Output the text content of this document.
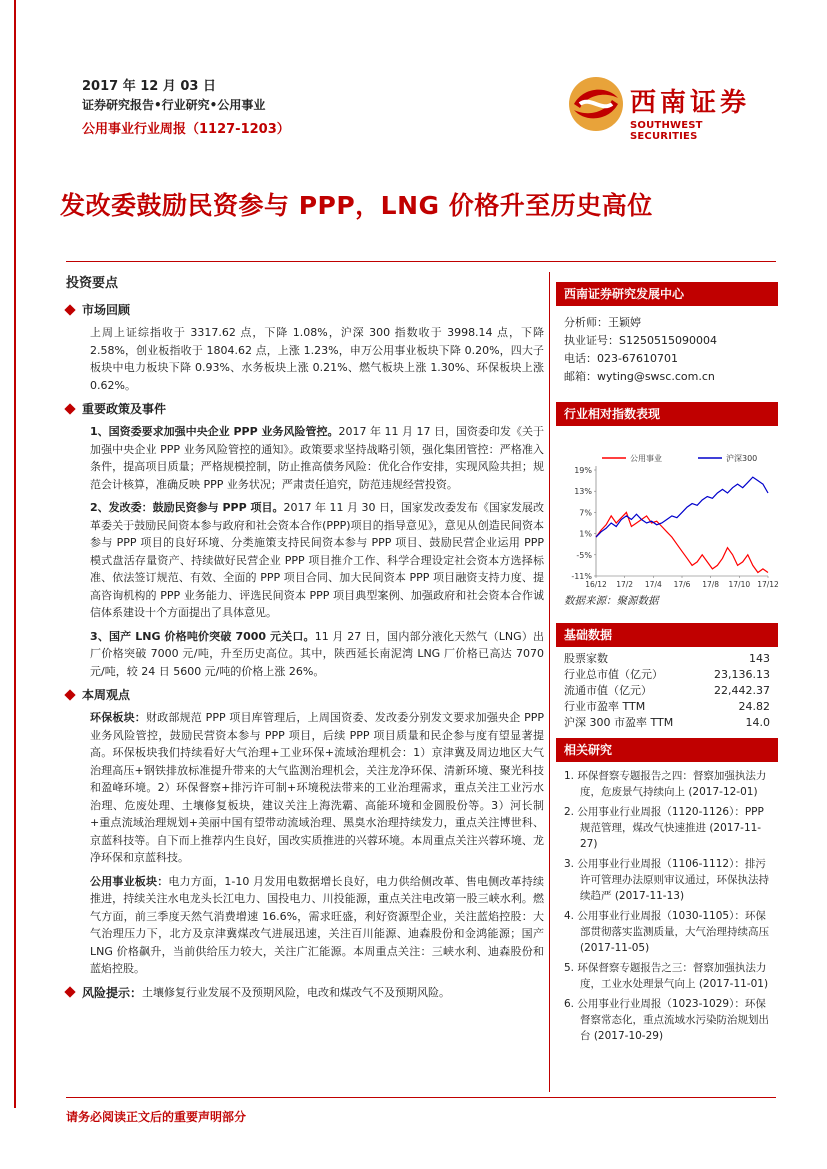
2017 年 12 月 03 日
证券研究报告•行业研究•公用事业
公用事业行业周报（1127-1203）
西南证券
SOUTHWEST SECURITIES
发改委鼓励民资参与 PPP，LNG 价格升至历史高位
投资要点
市场回顾
上周上证综指收于 3317.62 点，下降 1.08%，沪深 300 指数收于 3998.14 点，下降 2.58%，创业板指收于 1804.62 点，上涨 1.23%，申万公用事业板块下降 0.20%，四大子板块中电力板块下降 0.93%、水务板块上涨 0.21%、燃气板块上涨 1.30%、环保板块上涨 0.62%。
重要政策及事件
1、国资委要求加强中央企业 PPP 业务风险管控。2017 年 11 月 17 日，国资委印发《关于加强中央企业 PPP 业务风险管控的通知》。政策要求坚持战略引领，强化集团管控：严格准入条件，提高项目质量；严格规模控制，防止推高债务风险：优化合作安排，实现风险共担；规范会计核算，准确反映 PPP 业务状况；严肃责任追究，防范违规经营投资。
2、发改委：鼓励民资参与 PPP 项目。2017 年 11 月 30 日，国家发改委发布《国家发展改革委关于鼓励民间资本参与政府和社会资本合作(PPP)项目的指导意见》，意见从创造民间资本参与 PPP 项目的良好环境、分类施策支持民间资本参与 PPP 项目、鼓励民营企业运用 PPP 模式盘活存量资产、持续做好民营企业 PPP 项目推介工作、科学合理设定社会资本方选择标准、依法签订规范、有效、全面的 PPP 项目合同、加大民间资本 PPP 项目融资支持力度、提高咨询机构的 PPP 业务能力、评选民间资本 PPP 项目典型案例、加强政府和社会资本合作诚信体系建设十个方面提出了具体意见。
3、国产 LNG 价格吨价突破 7000 元关口。11 月 27 日，国内部分液化天然气（LNG）出厂价格突破 7000 元/吨，升至历史高位。其中，陕西延长南泥湾 LNG 厂价格已高达 7070 元/吨，较 24 日 5600 元/吨的价格上涨 26%。
本周观点
环保板块：财政部规范 PPP 项目库管理后，上周国资委、发改委分别发文要求加强央企 PPP 业务风险管控，鼓励民营资本参与 PPP 项目，后续 PPP 项目质量和民企参与度有望显著提高。环保板块我们持续看好大气治理+工业环保+流域治理机会：1）京津冀及周边地区大气治理高压+钢铁排放标准提升带来的大气监测治理机会，关注龙净环保、清新环境、聚光科技和盈峰环境。2）环保督察+排污许可制+环境税法带来的工业治理需求，重点关注工业污水治理、危废处理、土壤修复板块，建议关注上海洗霸、高能环境和金圆股份等。3）河长制+重点流域治理规划+美丽中国有望带动流域治理、黑臭水治理持续发力，重点关注博世科、京蓝科技等。自下而上推荐内生良好，国改实质推进的兴蓉环境。本周重点关注兴蓉环境、龙净环保和京蓝科技。
公用事业板块：电力方面，1-10 月发用电数据增长良好，电力供给侧改革、售电侧改革持续推进，持续关注水电龙头长江电力、国投电力、川投能源，重点关注电改第一股三峡水利。燃气方面，前三季度天然气消费增速 16.6%，需求旺盛，利好资源型企业，关注蓝焰控股：大气治理压力下，北方及京津冀煤改气进展迅速，关注百川能源、迪森股份和金鸿能源；国产 LNG 价格飙升，当前供给压力较大，关注广汇能源。本周重点关注：三峡水利、迪森股份和蓝焰控股。
风险提示： 土壤修复行业发展不及预期风险，电改和煤改气不及预期风险。
西南证券研究发展中心
分析师：王颖婷
执业证号：S1250515090004
电话：023-67610701
邮箱：wyting@swsc.com.cn
行业相对指数表现
公用事业	沪深300
19%
13%
7%
1%
-5%
-11%
16/12 17/2 17/4 17/6 17/8 17/10 17/12
数据来源：聚源数据
基础数据
股票家数	143
行业总市值（亿元）	23,136.13
流通市值（亿元）	22,442.37
行业市盈率 TTM	24.82
沪深 300 市盈率 TTM	14.0
相关研究
1. 环保督察专题报告之四：督察加强执法力度，危废景气持续向上 (2017-12-01)
2. 公用事业行业周报（1120-1126）：PPP 规范管理，煤改气快速推进 (2017-11-27)
3. 公用事业行业周报（1106-1112）：排污许可管理办法原则审议通过，环保执法持续趋严 (2017-11-13)
4. 公用事业行业周报（1030-1105）：环保部贯彻落实监测质量，大气治理持续高压 (2017-11-05)
5. 环保督察专题报告之三：督察加强执法力度，工业水处理景气向上 (2017-11-01)
6. 公用事业行业周报（1023-1029）：环保督察常态化，重点流域水污染防治规划出台 (2017-10-29)
请务必阅读正文后的重要声明部分
